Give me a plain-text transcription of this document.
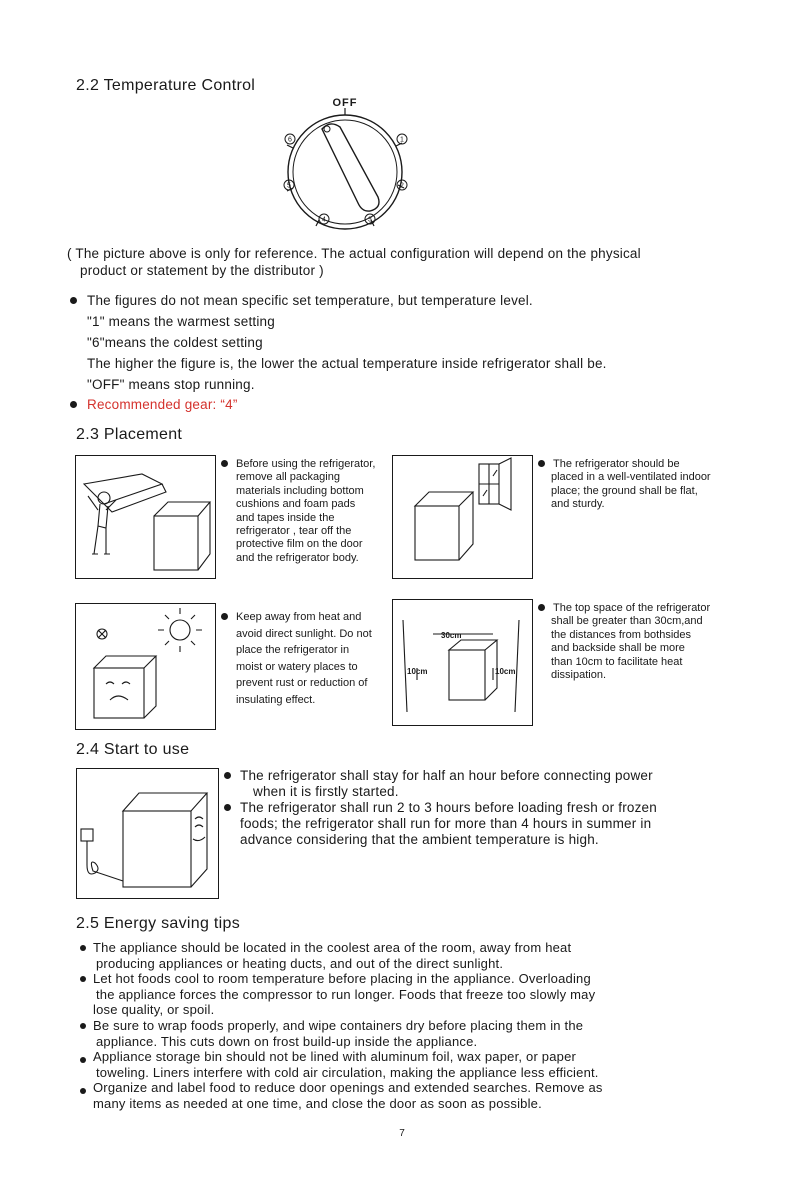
2.2 Temperature Control
1
2
3
4
5
6
OFF
( The picture above is only for reference. The actual configuration will depend on the physical
product or statement by the distributor )
The figures do not mean specific set temperature, but temperature level.
"1" means the warmest setting
"6"means the coldest setting
The higher the figure is, the lower the actual temperature inside refrigerator shall be.
"OFF" means stop running.
Recommended gear: “4”
2.3 Placement
Before using the refrigerator,
remove all packaging
materials including bottom
cushions and foam pads
and tapes inside the
refrigerator , tear off the
protective film on the door
and the refrigerator body.
The refrigerator should be
placed in a well-ventilated indoor
place; the ground shall be flat,
and sturdy.
Keep away from heat and
avoid direct sunlight. Do not
place the refrigerator in
moist or watery places to
prevent rust or reduction of
insulating effect.
30cm
10cm	10cm
The top space of the refrigerator
shall be greater than 30cm,and
the distances from bothsides
and backside shall be more
than 10cm to facilitate heat
dissipation.
2.4 Start to use
The refrigerator shall stay for half an hour before connecting power
when it is firstly started.
The refrigerator shall run 2 to 3 hours before loading fresh or frozen
foods; the refrigerator shall run for more than 4 hours in summer in
advance considering that the ambient temperature is high.
2.5 Energy saving tips
The appliance should be located in the coolest area of the room, away from heat
producing appliances or heating ducts, and out of the direct sunlight.
Let hot foods cool to room temperature before placing in the appliance. Overloading
the appliance forces the compressor to run longer. Foods that freeze too slowly may
lose quality, or spoil.
Be sure to wrap foods properly, and wipe containers dry before placing them in the
appliance. This cuts down on frost build-up inside the appliance.
Appliance storage bin should not be lined with aluminum foil, wax paper, or paper
toweling. Liners interfere with cold air circulation, making the appliance less efficient.
Organize and label food to reduce door openings and extended searches. Remove as
many items as needed at one time, and close the door as soon as possible.
7
